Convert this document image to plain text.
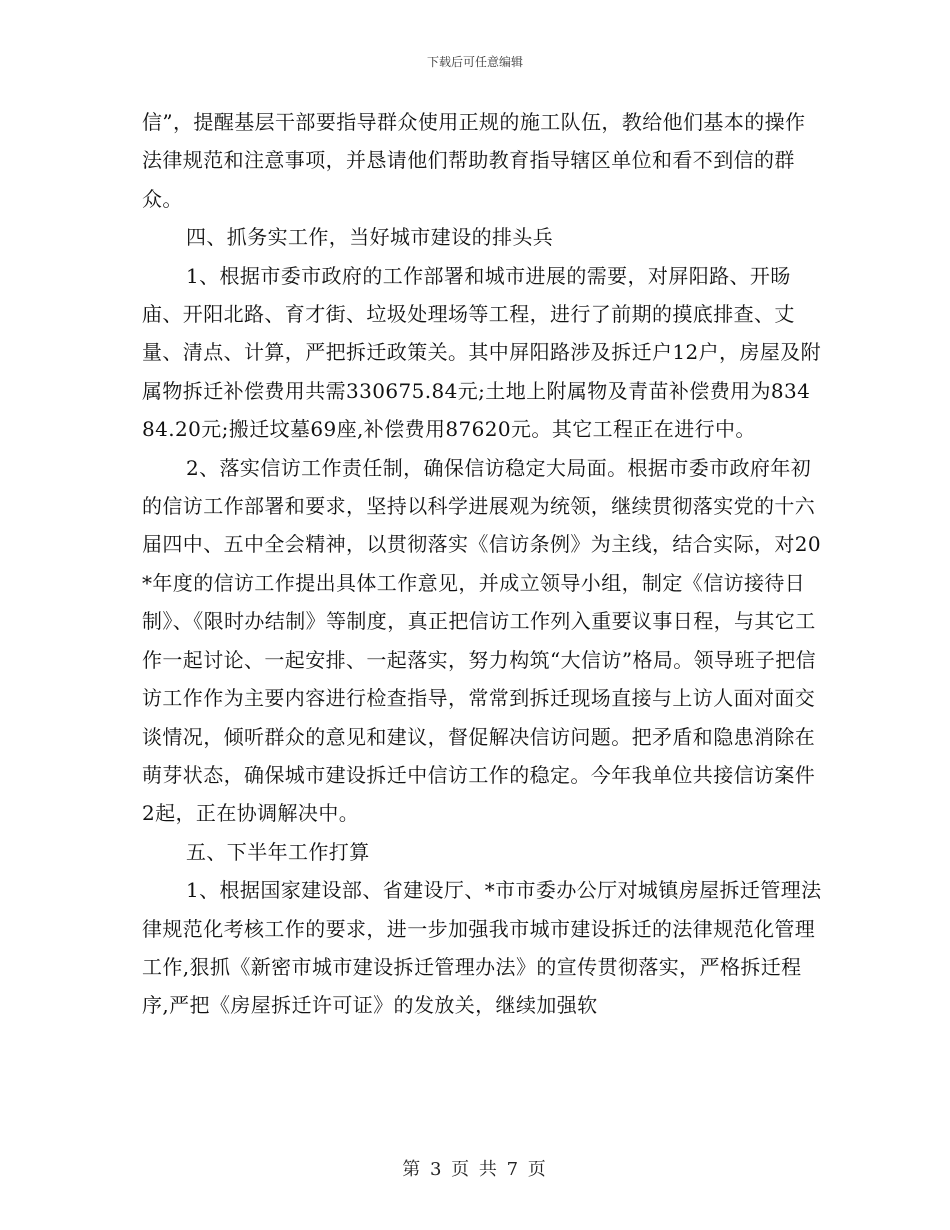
下载后可任意编辑

信”，提醒基层干部要指导群众使用正规的施工队伍，教给他们基本的操作法律规范和注意事项，并恳请他们帮助教育指导辖区单位和看不到信的群众。

四、抓务实工作，当好城市建设的排头兵

1、根据市委市政府的工作部署和城市进展的需要，对屏阳路、开旸庙、开阳北路、育才街、垃圾处理场等工程，进行了前期的摸底排查、丈量、清点、计算，严把拆迁政策关。其中屏阳路涉及拆迁户12户，房屋及附属物拆迁补偿费用共需330675.84元;土地上附属物及青苗补偿费用为83484.20元;搬迁坟墓69座,补偿费用87620元。其它工程正在进行中。

2、落实信访工作责任制，确保信访稳定大局面。根据市委市政府年初的信访工作部署和要求，坚持以科学进展观为统领，继续贯彻落实党的十六届四中、五中全会精神，以贯彻落实《信访条例》为主线，结合实际，对20*年度的信访工作提出具体工作意见，并成立领导小组，制定《信访接待日制》、《限时办结制》等制度，真正把信访工作列入重要议事日程，与其它工作一起讨论、一起安排、一起落实，努力构筑“大信访”格局。领导班子把信访工作作为主要内容进行检查指导，常常到拆迁现场直接与上访人面对面交谈情况，倾听群众的意见和建议，督促解决信访问题。把矛盾和隐患消除在萌芽状态，确保城市建设拆迁中信访工作的稳定。今年我单位共接信访案件2起，正在协调解决中。

五、下半年工作打算

1、根据国家建设部、省建设厅、*市市委办公厅对城镇房屋拆迁管理法律规范化考核工作的要求，进一步加强我市城市建设拆迁的法律规范化管理工作,狠抓《新密市城市建设拆迁管理办法》的宣传贯彻落实，严格拆迁程序,严把《房屋拆迁许可证》的发放关，继续加强软

第 3 页 共 7 页
